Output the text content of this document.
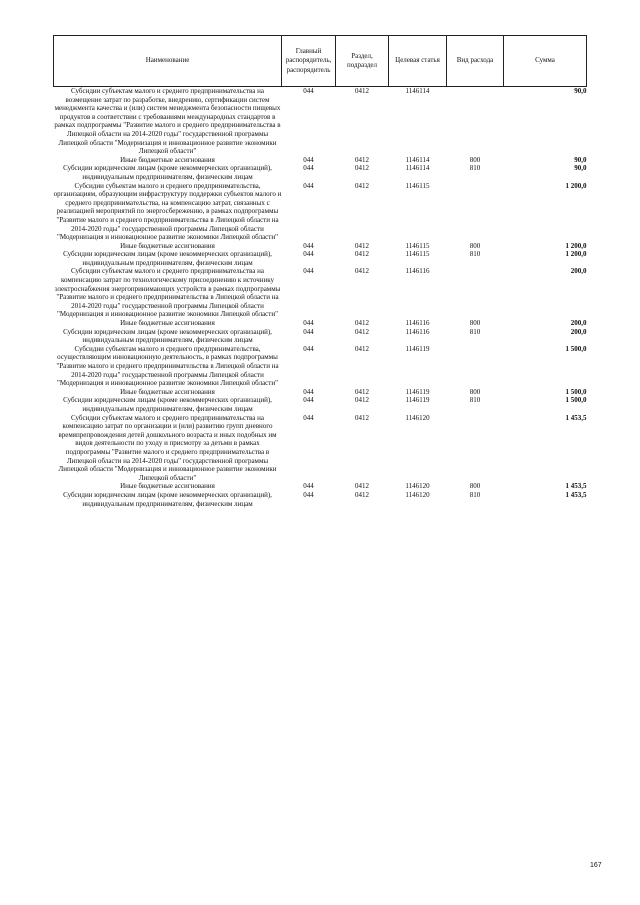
Наименование	Главный распорядитель, распорядитель	Раздел, подраздел	Целевая статья	Вид расхода	Сумма
Субсидии субъектам малого и среднего предпринимательства на возмещение затрат по разработке, внедрению, сертификации систем менеджмента качества и (или) систем менеджмента безопасности пищевых продуктов в соответствии с требованиями международных стандартов в рамках подпрограммы "Развитие малого и среднего предпринимательства в Липецкой области на 2014-2020 годы" государственной программы Липецкой области "Модернизация и инновационное развитие экономики Липецкой области"	044	0412	1146114		90,0
Иные бюджетные ассигнования	044	0412	1146114	800	90,0
Субсидии юридическим лицам (кроме некоммерческих организаций), индивидуальным предпринимателям, физическим лицам	044	0412	1146114	810	90,0
Субсидии субъектам малого и среднего предпринимательства, организациям, образующим инфраструктуру поддержки субъектов малого и среднего предпринимательства, на компенсацию затрат, связанных с реализацией мероприятий по энергосбережению, в рамках подпрограммы "Развитие малого и среднего предпринимательства в Липецкой области на 2014-2020 годы" государственной программы Липецкой области "Модернизация и инновационное развитие экономики Липецкой области"	044	0412	1146115		1 200,0
Иные бюджетные ассигнования	044	0412	1146115	800	1 200,0
Субсидии юридическим лицам (кроме некоммерческих организаций), индивидуальным предпринимателям, физическим лицам	044	0412	1146115	810	1 200,0
Субсидии субъектам малого и среднего предпринимательства на компенсацию затрат по технологическому присоединению к источнику электроснабжения энергопринимающих устройств в рамках подпрограммы "Развитие малого и среднего предпринимательства в Липецкой области на 2014-2020 годы" государственной программы Липецкой области "Модернизация и инновационное развитие экономики Липецкой области"	044	0412	1146116		200,0
Иные бюджетные ассигнования	044	0412	1146116	800	200,0
Субсидии юридическим лицам (кроме некоммерческих организаций), индивидуальным предпринимателям, физическим лицам	044	0412	1146116	810	200,0
Субсидии субъектам малого и среднего предпринимательства, осуществляющим инновационную деятельность, в рамках подпрограммы "Развитие малого и среднего предпринимательства в Липецкой области на 2014-2020 годы" государственной программы Липецкой области "Модернизация и инновационное развитие экономики Липецкой области"	044	0412	1146119		1 500,0
Иные бюджетные ассигнования	044	0412	1146119	800	1 500,0
Субсидии юридическим лицам (кроме некоммерческих организаций), индивидуальным предпринимателям, физическим лицам	044	0412	1146119	810	1 500,0
Субсидии субъектам малого и среднего предпринимательства на компенсацию затрат по организации и (или) развитию групп дневного времяпрепровождения детей дошкольного возраста и иных подобных им видов деятельности по уходу и присмотру за детьми в рамках подпрограммы "Развитие малого и среднего предпринимательства в Липецкой области на 2014-2020 годы" государственной программы Липецкой области "Модернизация и инновационное развитие экономики Липецкой области"	044	0412	1146120		1 453,5
Иные бюджетные ассигнования	044	0412	1146120	800	1 453,5
Субсидии юридическим лицам (кроме некоммерческих организаций), индивидуальным предпринимателям, физическим лицам	044	0412	1146120	810	1 453,5
167
